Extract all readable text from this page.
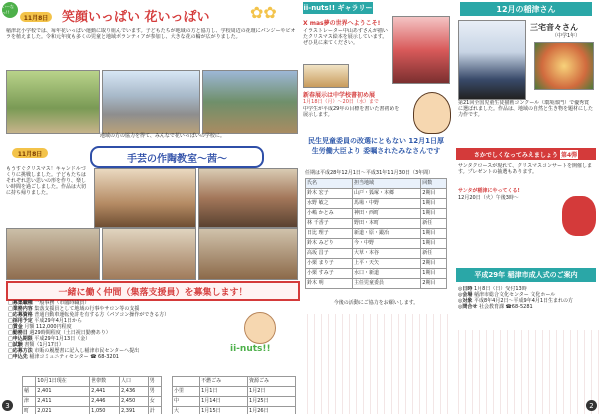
い〜なっ!!
11月8日 笑顔いっぱい 花いっぱい	✿✿
稲津北小学校では、毎年花いっぱい運動に取り組んでいます。子どもたちが地域の方と協力し、学校周辺の花壇にパンジーやビオラを植えました。令和元年度も多くの児童と地域ボランティアが参加し、大きな花の輪が広がりました。
地域の方の協力を得て、みんなで花いっぱいの学校に。
11月8日	手芸の作陶教室〜茜〜
もうすぐクリスマス！キャンドルづくりに挑戦しました。子どもたちはそれぞれ思い思いの形を作り、楽しい時間を過ごしました。作品は大切に持ち帰りました。
一緒に働く仲間（集落支援員）を募集します！
□募集職種 一般事務（市臨時職員）
□業務内容 集落支援員として地域の行事やサロン等の支援
□応募資格 普通自動車運転免許を有する方（パソコン操作ができる方）
□採用予定 平成29年4月1日から
□賃金 月額 112,000円程度
□勤務日 週29時間程度（土日祝日勤務あり）
□申込期限 平成29年1月13日（金）
□試験 書類（1月17日）
□応募方法 市販の履歴書に記入し稲津市民センターへ提出
□申込先 稲津コミュニティセンター ☎ 68-3201
ii-nuts!!
3
	10月1日現在	世帯数	人口	男
稲	2,401	2,441	2,436	男
津	2,411	2,446	2,450	女
町	2,021	1,050	2,391	計
	不燃ごみ	資源ごみ
小里	1月1日	1月2日
中	1月14日	1月25日
大	1月15日	1月26日
ii-nuts!! ギャラリー
X mas夢の世界へようこそ!
イラストレーター中山あずさんが描いたクリスマス絵本を展示しています。ぜひ見に来てください。
新春展示は中学校書初め展
1月18日（月）〜20日（水）まで
中学生が平成29年の目標を書いた書初めを展示します。
民生児童委員の改選にともない 12月1日厚生労働大臣より 委嘱されたみなさんです
任期は平成28年12月1日〜平成31年11月30日（3年間）
氏名	担当地域	回数
鈴木 宏子	山戸・狐塚・本郷	2期目
水野 敏之	馬場・中野	1期目
小嶋 かとみ	神田・西町	1期目
林 千香子	野田・本町	新任
日比 理子	新道・原・鍛冶	1期目
鈴木 みどり	今・中野	1期目
高坂 昌子	大草・本谷	新任
小栗 まり子	上平・天矢	2期目
小栗 すみ子	水口・新道	1期目
鈴木 明	主任児童委員	2期目
今後の活動にご協力をお願いします。
12月の稲津さん
三宅音々さん
（中学1年）
第21回全国児童生徒描画コンクール（環境部門）で優秀賞に選ばれました。作品は、地域の自然と生き物を題材にした力作です。
さかでしくなってみえましょう
第4弾
サンタクロースが現れて、クリスマスコンサートを開催します。プレゼントの抽選もあります。
サンタが稲津にやってくる!
12月20日（火）午後3時〜
平成29年 稲津市成人式のご案内
◎日時 1月8日（日）受付13時
◎会場 稲津市総合文化センター 文化ホール
◎対象 平成8年4月2日〜平成9年4月1日生まれの方
◎問合せ 社会教育課 ☎68-5281
2
